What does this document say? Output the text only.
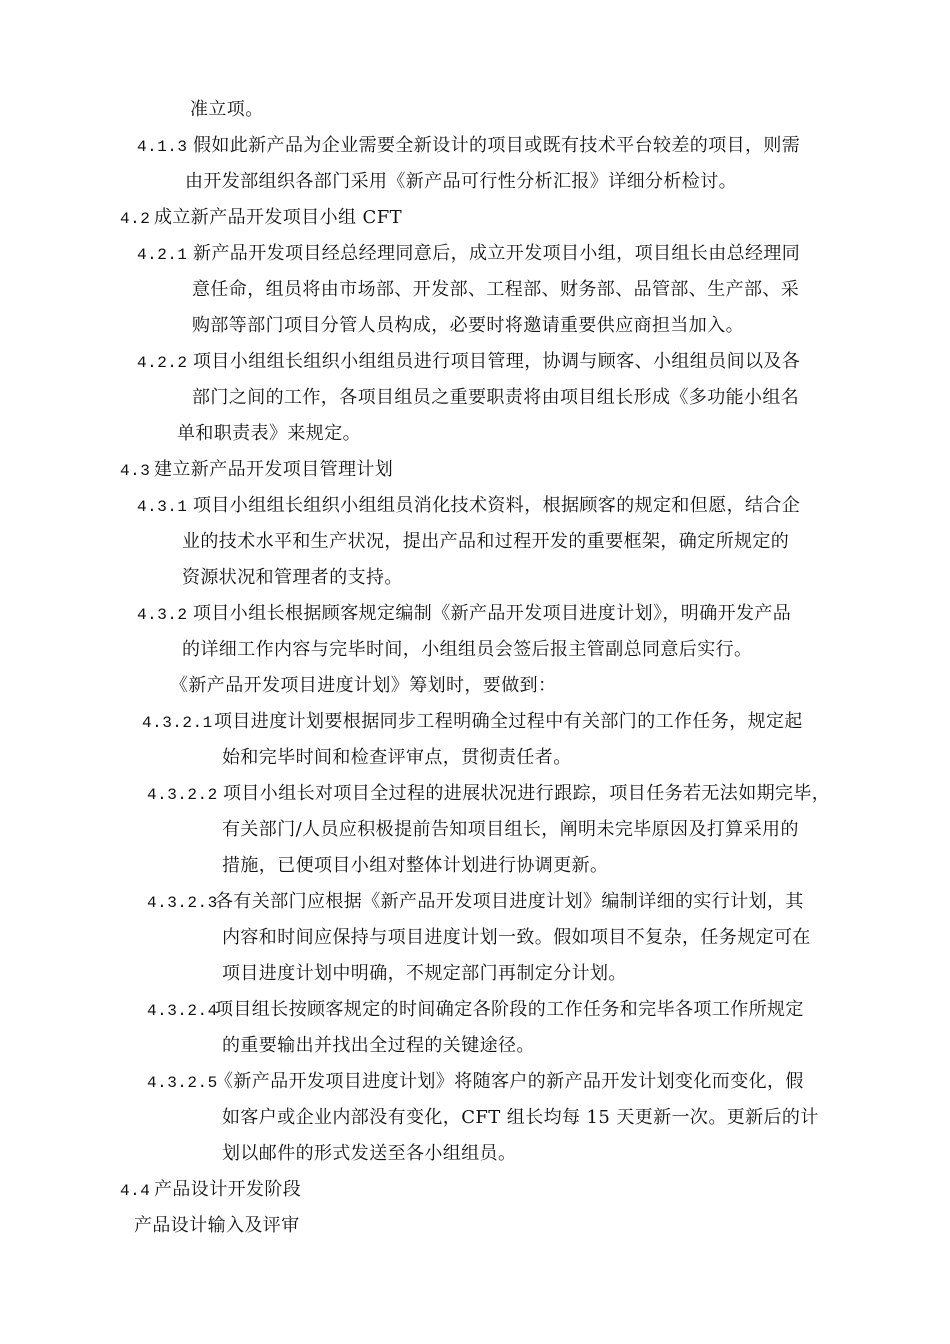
准立项。
4.1.3 假如此新产品为企业需要全新设计的项目或既有技术平台较差的项目，则需
由开发部组织各部门采用《新产品可行性分析汇报》详细分析检讨。
4.2 成立新产品开发项目小组 CFT
4.2.1 新产品开发项目经总经理同意后，成立开发项目小组，项目组长由总经理同
意任命，组员将由市场部、开发部、工程部、财务部、品管部、生产部、采
购部等部门项目分管人员构成，必要时将邀请重要供应商担当加入。
4.2.2 项目小组组长组织小组组员进行项目管理，协调与顾客、小组组员间以及各
部门之间的工作，各项目组员之重要职责将由项目组长形成《多功能小组名
单和职责表》来规定。
4.3 建立新产品开发项目管理计划
4.3.1 项目小组组长组织小组组员消化技术资料，根据顾客的规定和但愿，结合企
业的技术水平和生产状况，提出产品和过程开发的重要框架，确定所规定的
资源状况和管理者的支持。
4.3.2 项目小组长根据顾客规定编制《新产品开发项目进度计划》，明确开发产品
的详细工作内容与完毕时间，小组组员会签后报主管副总同意后实行。
《新产品开发项目进度计划》筹划时，要做到：
4.3.2.1项目进度计划要根据同步工程明确全过程中有关部门的工作任务，规定起
始和完毕时间和检查评审点，贯彻责任者。
4.3.2.2 项目小组长对项目全过程的进展状况进行跟踪，项目任务若无法如期完毕，
有关部门/人员应积极提前告知项目组长，阐明未完毕原因及打算采用的
措施，已便项目小组对整体计划进行协调更新。
4.3.2.3各有关部门应根据《新产品开发项目进度计划》编制详细的实行计划，其
内容和时间应保持与项目进度计划一致。假如项目不复杂，任务规定可在
项目进度计划中明确，不规定部门再制定分计划。
4.3.2.4项目组长按顾客规定的时间确定各阶段的工作任务和完毕各项工作所规定
的重要输出并找出全过程的关键途径。
4.3.2.5《新产品开发项目进度计划》将随客户的新产品开发计划变化而变化，假
如客户或企业内部没有变化，CFT 组长均每 15 天更新一次。更新后的计
划以邮件的形式发送至各小组组员。
4.4 产品设计开发阶段
产品设计输入及评审
